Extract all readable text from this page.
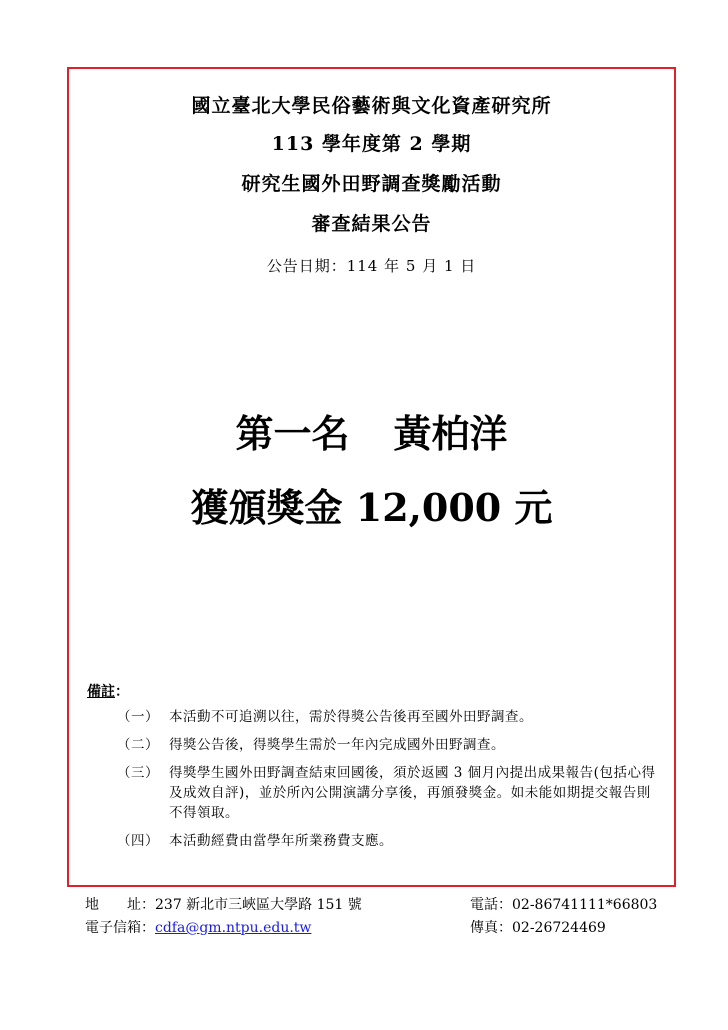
國立臺北大學民俗藝術與文化資產研究所
113 學年度第 2 學期
研究生國外田野調查獎勵活動
審查結果公告
公告日期：114 年 5 月 1 日
第一名 黃柏洋
獲頒獎金 12,000 元
備註：
（一） 本活動不可追溯以往，需於得獎公告後再至國外田野調查。
（二） 得獎公告後，得獎學生需於一年內完成國外田野調查。
（三） 得獎學生國外田野調查結束回國後，須於返國 3 個月內提出成果報告(包括心得及成效自評)，並於所內公開演講分享後，再頒發獎金。如未能如期提交報告則不得領取。
（四） 本活動經費由當學年所業務費支應。
地　　址：237 新北市三峽區大學路 151 號
電子信箱：cdfa@gm.ntpu.edu.tw
電話：02-86741111*66803
傳真：02-26724469
